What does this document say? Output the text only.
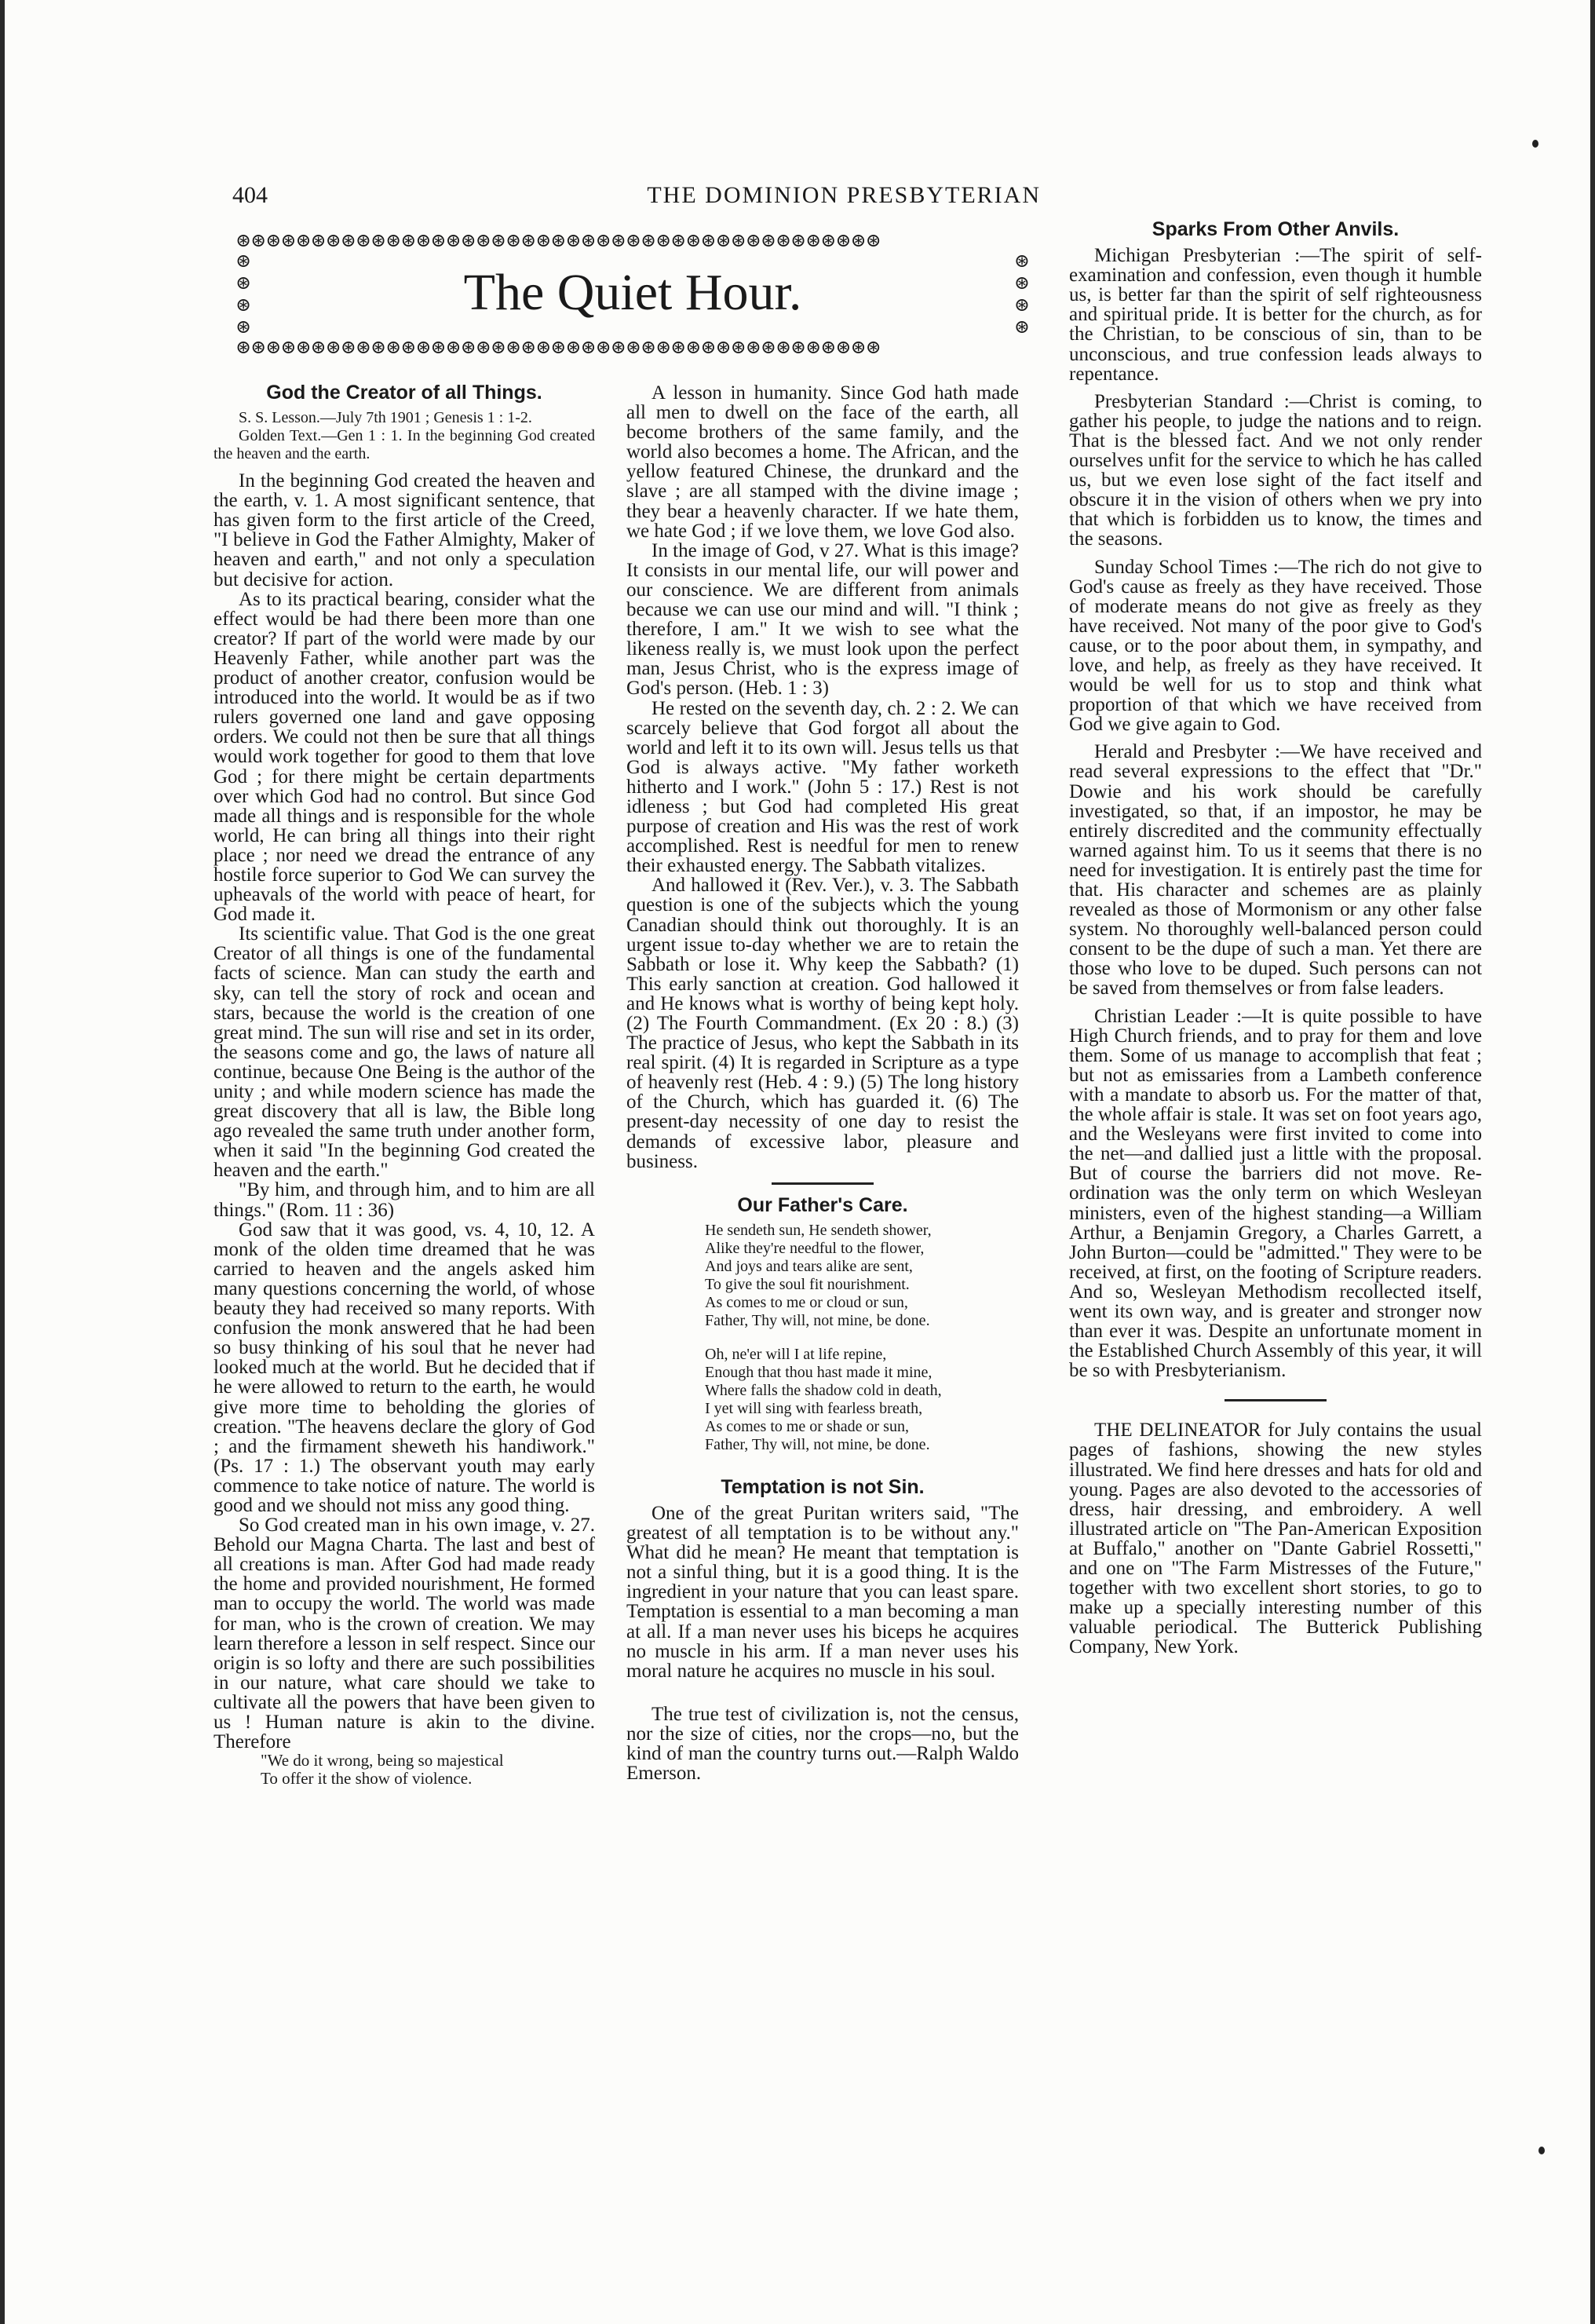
404	THE DOMINION PRESBYTERIAN
⊛⊛⊛⊛⊛⊛⊛⊛⊛⊛⊛⊛⊛⊛⊛⊛⊛⊛⊛⊛⊛⊛⊛⊛⊛⊛⊛⊛⊛⊛⊛⊛⊛⊛⊛⊛⊛⊛⊛⊛⊛⊛⊛
⊛
⊛
⊛
⊛
⊛
⊛
⊛
⊛
The Quiet Hour.
⊛⊛⊛⊛⊛⊛⊛⊛⊛⊛⊛⊛⊛⊛⊛⊛⊛⊛⊛⊛⊛⊛⊛⊛⊛⊛⊛⊛⊛⊛⊛⊛⊛⊛⊛⊛⊛⊛⊛⊛⊛⊛⊛
God the Creator of all Things.

S. S. Lesson.—July 7th 1901 ; Genesis 1 : 1-2.

Golden Text.—Gen 1 : 1. In the beginning God created the heaven and the earth.

In the beginning God created the heaven and the earth, v. 1. A most significant sentence, that has given form to the first article of the Creed, "I believe in God the Father Almighty, Maker of heaven and earth," and not only a speculation but decisive for action.

As to its practical bearing, consider what the effect would be had there been more than one creator? If part of the world were made by our Heavenly Father, while another part was the product of another creator, confusion would be introduced into the world. It would be as if two rulers governed one land and gave opposing orders. We could not then be sure that all things would work together for good to them that love God ; for there might be certain departments over which God had no control. But since God made all things and is responsible for the whole world, He can bring all things into their right place ; nor need we dread the entrance of any hostile force superior to God We can survey the upheavals of the world with peace of heart, for God made it.

Its scientific value. That God is the one great Creator of all things is one of the fundamental facts of science. Man can study the earth and sky, can tell the story of rock and ocean and stars, because the world is the creation of one great mind. The sun will rise and set in its order, the seasons come and go, the laws of nature all continue, because One Being is the author of the unity ; and while modern science has made the great discovery that all is law, the Bible long ago revealed the same truth under another form, when it said "In the beginning God created the heaven and the earth."

"By him, and through him, and to him are all things." (Rom. 11 : 36)

God saw that it was good, vs. 4, 10, 12. A monk of the olden time dreamed that he was carried to heaven and the angels asked him many questions concerning the world, of whose beauty they had received so many reports. With confusion the monk answered that he had been so busy thinking of his soul that he never had looked much at the world. But he decided that if he were allowed to return to the earth, he would give more time to beholding the glories of creation. "The heavens declare the glory of God ; and the firmament sheweth his handiwork." (Ps. 17 : 1.) The observant youth may early commence to take notice of nature. The world is good and we should not miss any good thing.

So God created man in his own image, v. 27. Behold our Magna Charta. The last and best of all creations is man. After God had made ready the home and provided nourishment, He formed man to occupy the world. The world was made for man, who is the crown of creation. We may learn therefore a lesson in self respect. Since our origin is so lofty and there are such possibilities in our nature, what care should we take to cultivate all the powers that have been given to us ! Human nature is akin to the divine. Therefore

"We do it wrong, being so majestical

To offer it the show of violence.

A lesson in humanity. Since God hath made all men to dwell on the face of the earth, all become brothers of the same family, and the world also becomes a home. The African, and the yellow featured Chinese, the drunkard and the slave ; are all stamped with the divine image ; they bear a heavenly character. If we hate them, we hate God ; if we love them, we love God also.

In the image of God, v 27. What is this image? It consists in our mental life, our will power and our conscience. We are different from animals because we can use our mind and will. "I think ; therefore, I am." It we wish to see what the likeness really is, we must look upon the perfect man, Jesus Christ, who is the express image of God's person. (Heb. 1 : 3)

He rested on the seventh day, ch. 2 : 2. We can scarcely believe that God forgot all about the world and left it to its own will. Jesus tells us that God is always active. "My father worketh hitherto and I work." (John 5 : 17.) Rest is not idleness ; but God had completed His great purpose of creation and His was the rest of work accomplished. Rest is needful for men to renew their exhausted energy. The Sabbath vitalizes.

And hallowed it (Rev. Ver.), v. 3. The Sabbath question is one of the subjects which the young Canadian should think out thoroughly. It is an urgent issue to-day whether we are to retain the Sabbath or lose it. Why keep the Sabbath? (1) This early sanction at creation. God hallowed it and He knows what is worthy of being kept holy. (2) The Fourth Commandment. (Ex 20 : 8.) (3) The practice of Jesus, who kept the Sabbath in its real spirit. (4) It is regarded in Scripture as a type of heavenly rest (Heb. 4 : 9.) (5) The long history of the Church, which has guarded it. (6) The present-day necessity of one day to resist the demands of excessive labor, pleasure and business.

Our Father's Care.

He sendeth sun, He sendeth shower,

Alike they're needful to the flower,

And joys and tears alike are sent,

To give the soul fit nourishment.

As comes to me or cloud or sun,

Father, Thy will, not mine, be done.

Oh, ne'er will I at life repine,

Enough that thou hast made it mine,

Where falls the shadow cold in death,

I yet will sing with fearless breath,

As comes to me or shade or sun,

Father, Thy will, not mine, be done.

Temptation is not Sin.

One of the great Puritan writers said, "The greatest of all temptation is to be without any." What did he mean? He meant that temptation is not a sinful thing, but it is a good thing. It is the ingredient in your nature that you can least spare. Temptation is essential to a man becoming a man at all. If a man never uses his biceps he acquires no muscle in his arm. If a man never uses his moral nature he acquires no muscle in his soul.

The true test of civilization is, not the census, nor the size of cities, nor the crops—no, but the kind of man the country turns out.—Ralph Waldo Emerson.

Sparks From Other Anvils.

Michigan Presbyterian :—The spirit of self-examination and confession, even though it humble us, is better far than the spirit of self righteousness and spiritual pride. It is better for the church, as for the Christian, to be conscious of sin, than to be unconscious, and true confession leads always to repentance.

Presbyterian Standard :—Christ is coming, to gather his people, to judge the nations and to reign. That is the blessed fact. And we not only render ourselves unfit for the service to which he has called us, but we even lose sight of the fact itself and obscure it in the vision of others when we pry into that which is forbidden us to know, the times and the seasons.

Sunday School Times :—The rich do not give to God's cause as freely as they have received. Those of moderate means do not give as freely as they have received. Not many of the poor give to God's cause, or to the poor about them, in sympathy, and love, and help, as freely as they have received. It would be well for us to stop and think what proportion of that which we have received from God we give again to God.

Herald and Presbyter :—We have received and read several expressions to the effect that "Dr." Dowie and his work should be carefully investigated, so that, if an impostor, he may be entirely discredited and the community effectually warned against him. To us it seems that there is no need for investigation. It is entirely past the time for that. His character and schemes are as plainly revealed as those of Mormonism or any other false system. No thoroughly well-balanced person could consent to be the dupe of such a man. Yet there are those who love to be duped. Such persons can not be saved from themselves or from false leaders.

Christian Leader :—It is quite possible to have High Church friends, and to pray for them and love them. Some of us manage to accomplish that feat ; but not as emissaries from a Lambeth conference with a mandate to absorb us. For the matter of that, the whole affair is stale. It was set on foot years ago, and the Wesleyans were first invited to come into the net—and dallied just a little with the proposal. But of course the barriers did not move. Re-ordination was the only term on which Wesleyan ministers, even of the highest standing—a William Arthur, a Benjamin Gregory, a Charles Garrett, a John Burton—could be "admitted." They were to be received, at first, on the footing of Scripture readers. And so, Wesleyan Methodism recollected itself, went its own way, and is greater and stronger now than ever it was. Despite an unfortunate moment in the Established Church Assembly of this year, it will be so with Presbyterianism.

THE DELINEATOR for July contains the usual pages of fashions, showing the new styles illustrated. We find here dresses and hats for old and young. Pages are also devoted to the accessories of dress, hair dressing, and embroidery. A well illustrated article on "The Pan-American Exposition at Buffalo," another on "Dante Gabriel Rossetti," and one on "The Farm Mistresses of the Future," together with two excellent short stories, to go to make up a specially interesting number of this valuable periodical. The Butterick Publishing Company, New York.
